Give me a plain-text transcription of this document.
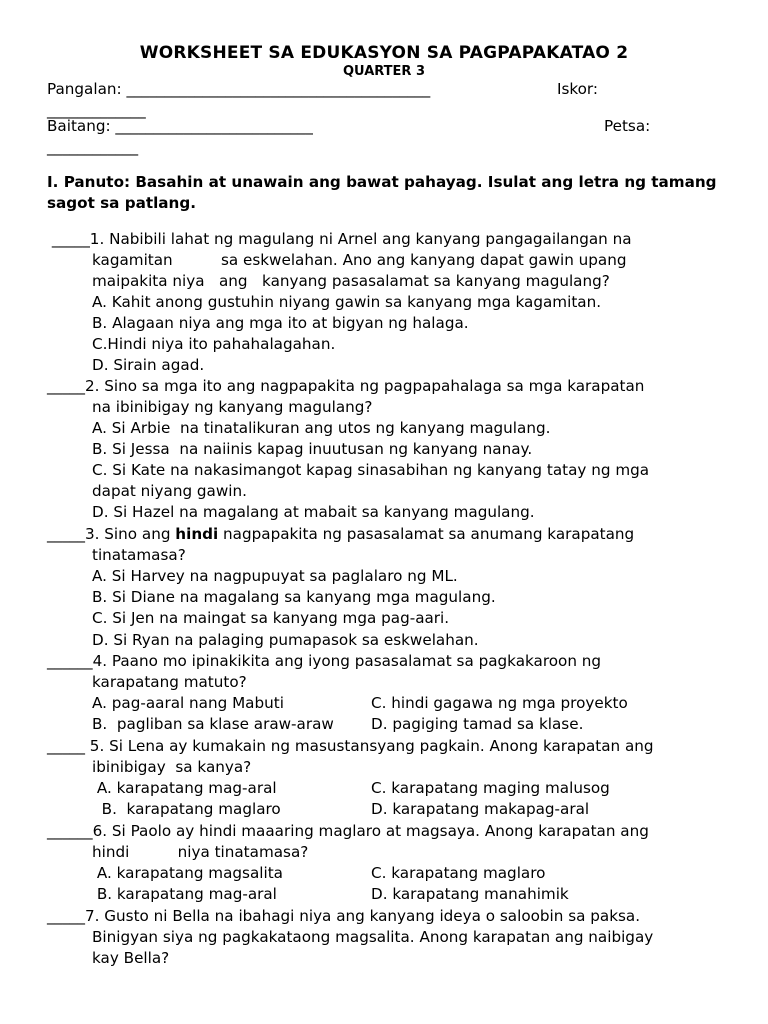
WORKSHEET SA EDUKASYON SA PAGPAPAKATAO 2
QUARTER 3
Pangalan: ________________________________________	Iskor:
_____________
Baitang: __________________________	Petsa:
____________
I. Panuto: Basahin at unawain ang bawat pahayag. Isulat ang letra ng tamang sagot sa patlang.
_____1. Nabibili lahat ng magulang ni Arnel ang kanyang pangagailangan na
kagamitan          sa eskwelahan. Ano ang kanyang dapat gawin upang
maipakita niya   ang   kanyang pasasalamat sa kanyang magulang?
A. Kahit anong gustuhin niyang gawin sa kanyang mga kagamitan.
B. Alagaan niya ang mga ito at bigyan ng halaga.
C.Hindi niya ito pahahalagahan.
D. Sirain agad.
_____2. Sino sa mga ito ang nagpapakita ng pagpapahalaga sa mga karapatan
na ibinibigay ng kanyang magulang?
A. Si Arbie  na tinatalikuran ang utos ng kanyang magulang.
B. Si Jessa  na naiinis kapag inuutusan ng kanyang nanay.
C. Si Kate na nakasimangot kapag sinasabihan ng kanyang tatay ng mga
dapat niyang gawin.
D. Si Hazel na magalang at mabait sa kanyang magulang.
_____3. Sino ang hindi nagpapakita ng pasasalamat sa anumang karapatang
tinatamasa?
A. Si Harvey na nagpupuyat sa paglalaro ng ML.
B. Si Diane na magalang sa kanyang mga magulang.
C. Si Jen na maingat sa kanyang mga pag-aari.
D. Si Ryan na palaging pumapasok sa eskwelahan.
______4. Paano mo ipinakikita ang iyong pasasalamat sa pagkakaroon ng
karapatang matuto?
A. pag-aaral nang Mabuti	C. hindi gagawa ng mga proyekto
B.  pagliban sa klase araw-araw D. pagiging tamad sa klase.
_____ 5. Si Lena ay kumakain ng masustansyang pagkain. Anong karapatan ang
ibinibigay  sa kanya?
A. karapatang mag-aral	C. karapatang maging malusog
B.  karapatang maglaro	D. karapatang makapag-aral
______6. Si Paolo ay hindi maaaring maglaro at magsaya. Anong karapatan ang
hindi          niya tinatamasa?
A. karapatang magsalita	C. karapatang maglaro
B. karapatang mag-aral	D. karapatang manahimik
_____7. Gusto ni Bella na ibahagi niya ang kanyang ideya o saloobin sa paksa.
Binigyan siya ng pagkakataong magsalita. Anong karapatan ang naibigay
kay Bella?
